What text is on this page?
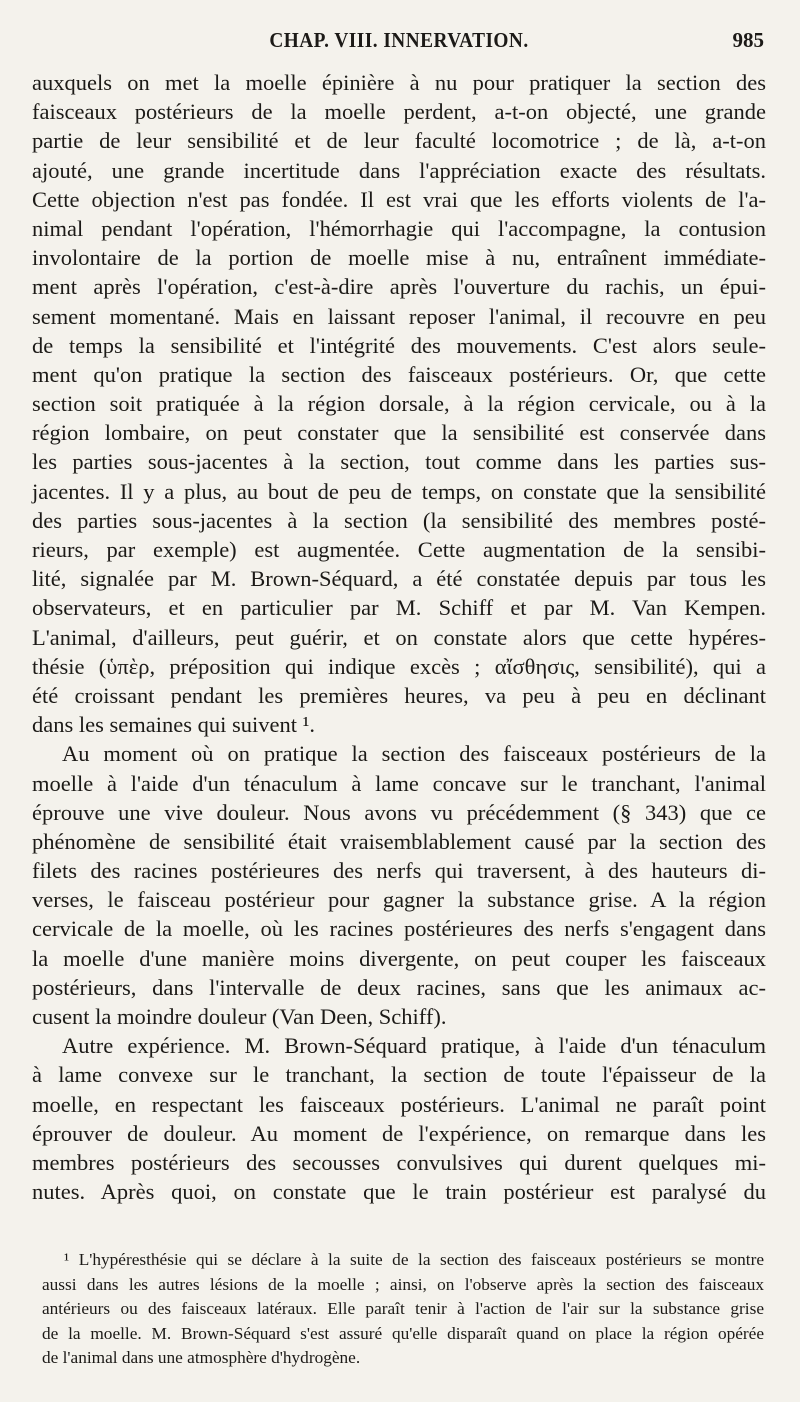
CHAP. VIII. INNERVATION.	985
auxquels on met la moelle épinière à nu pour pratiquer la section des
faisceaux postérieurs de la moelle perdent, a-t-on objecté, une grande
partie de leur sensibilité et de leur faculté locomotrice ; de là, a-t-on
ajouté, une grande incertitude dans l'appréciation exacte des résultats.
Cette objection n'est pas fondée. Il est vrai que les efforts violents de l'a-
nimal pendant l'opération, l'hémorrhagie qui l'accompagne, la contusion
involontaire de la portion de moelle mise à nu, entraînent immédiate-
ment après l'opération, c'est-à-dire après l'ouverture du rachis, un épui-
sement momentané. Mais en laissant reposer l'animal, il recouvre en peu
de temps la sensibilité et l'intégrité des mouvements. C'est alors seule-
ment qu'on pratique la section des faisceaux postérieurs. Or, que cette
section soit pratiquée à la région dorsale, à la région cervicale, ou à la
région lombaire, on peut constater que la sensibilité est conservée dans
les parties sous-jacentes à la section, tout comme dans les parties sus-
jacentes. Il y a plus, au bout de peu de temps, on constate que la sensibilité
des parties sous-jacentes à la section (la sensibilité des membres posté-
rieurs, par exemple) est augmentée. Cette augmentation de la sensibi-
lité, signalée par M. Brown-Séquard, a été constatée depuis par tous les
observateurs, et en particulier par M. Schiff et par M. Van Kempen.
L'animal, d'ailleurs, peut guérir, et on constate alors que cette hypéres-
thésie (ὑπὲρ, préposition qui indique excès ; αἴσθησις, sensibilité), qui a
été croissant pendant les premières heures, va peu à peu en déclinant
dans les semaines qui suivent ¹.
Au moment où on pratique la section des faisceaux postérieurs de la
moelle à l'aide d'un ténaculum à lame concave sur le tranchant, l'animal
éprouve une vive douleur. Nous avons vu précédemment (§ 343) que ce
phénomène de sensibilité était vraisemblablement causé par la section des
filets des racines postérieures des nerfs qui traversent, à des hauteurs di-
verses, le faisceau postérieur pour gagner la substance grise. A la région
cervicale de la moelle, où les racines postérieures des nerfs s'engagent dans
la moelle d'une manière moins divergente, on peut couper les faisceaux
postérieurs, dans l'intervalle de deux racines, sans que les animaux ac-
cusent la moindre douleur (Van Deen, Schiff).
Autre expérience. M. Brown-Séquard pratique, à l'aide d'un ténaculum
à lame convexe sur le tranchant, la section de toute l'épaisseur de la
moelle, en respectant les faisceaux postérieurs. L'animal ne paraît point
éprouver de douleur. Au moment de l'expérience, on remarque dans les
membres postérieurs des secousses convulsives qui durent quelques mi-
nutes. Après quoi, on constate que le train postérieur est paralysé du
¹ L'hypéresthésie qui se déclare à la suite de la section des faisceaux postérieurs se montre
aussi dans les autres lésions de la moelle ; ainsi, on l'observe après la section des faisceaux
antérieurs ou des faisceaux latéraux. Elle paraît tenir à l'action de l'air sur la substance grise
de la moelle. M. Brown-Séquard s'est assuré qu'elle disparaît quand on place la région opérée
de l'animal dans une atmosphère d'hydrogène.
